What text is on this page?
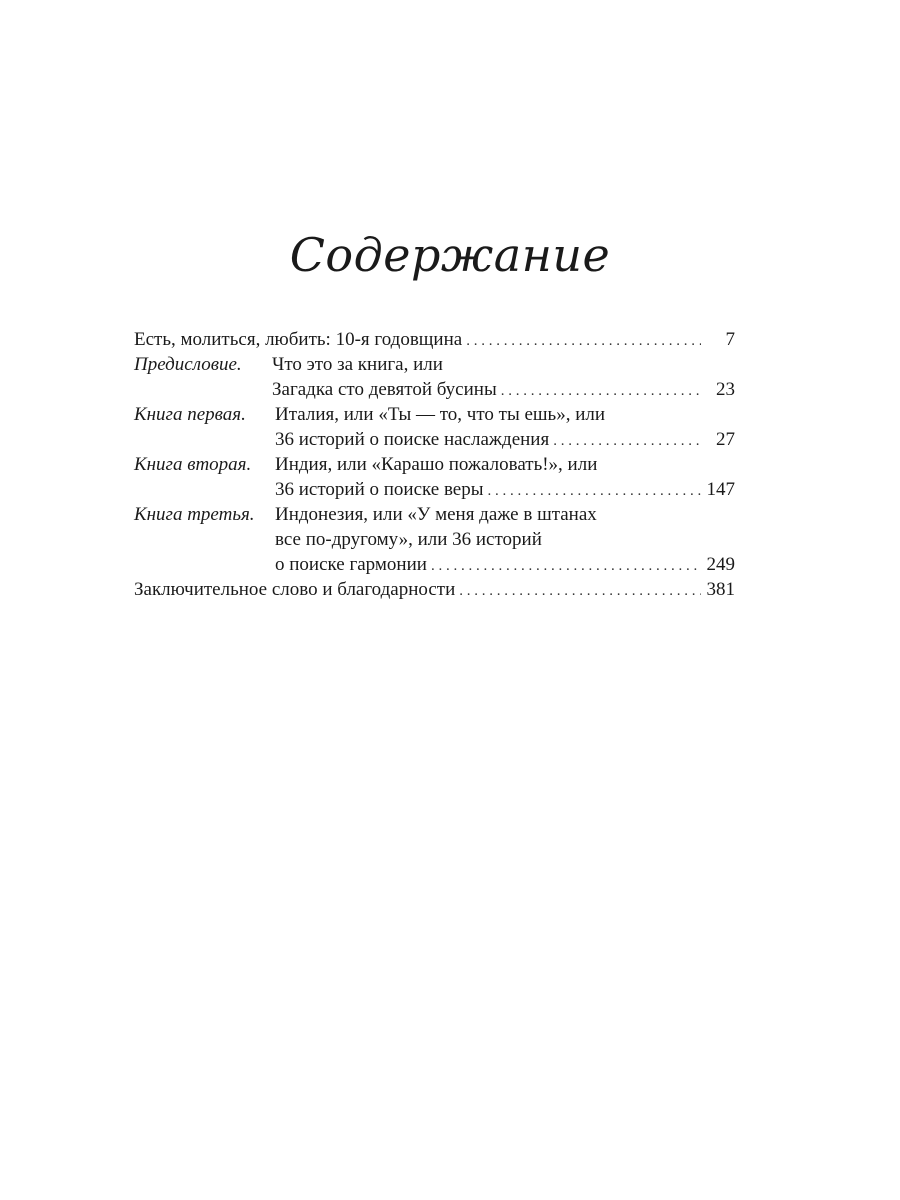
Содержание
Есть, молиться, любить: 10-я годовщина . . .	7
Предисловие.	Что это за книга, или
Загадка сто девятой бусины . . .	23
Книга первая.	Италия, или «Ты — то, что ты ешь», или
36 историй о поиске наслаждения . . .	27
Книга вторая.	Индия, или «Карашо пожаловать!», или
36 историй о поиске веры . . .	147
Книга третья.	Индонезия, или «У меня даже в штанах
все по-другому», или 36 историй
о поиске гармонии . . .	249
Заключительное слово и благодарности . . .	381
